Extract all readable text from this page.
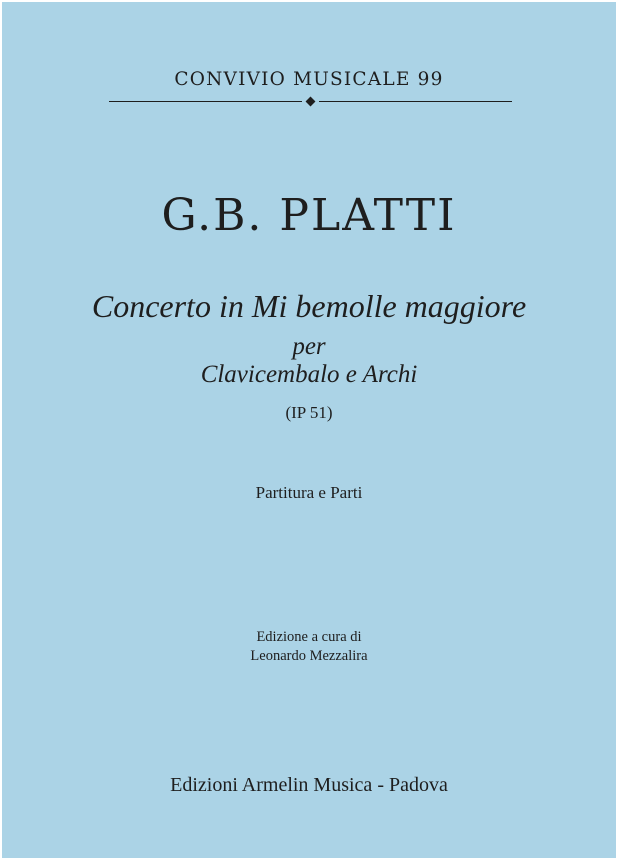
CONVIVIO MUSICALE 99
G.B. PLATTI
Concerto in Mi bemolle maggiore
per
Clavicembalo e Archi
(IP 51)
Partitura e Parti
Edizione a cura di
Leonardo Mezzalira
Edizioni Armelin Musica - Padova
